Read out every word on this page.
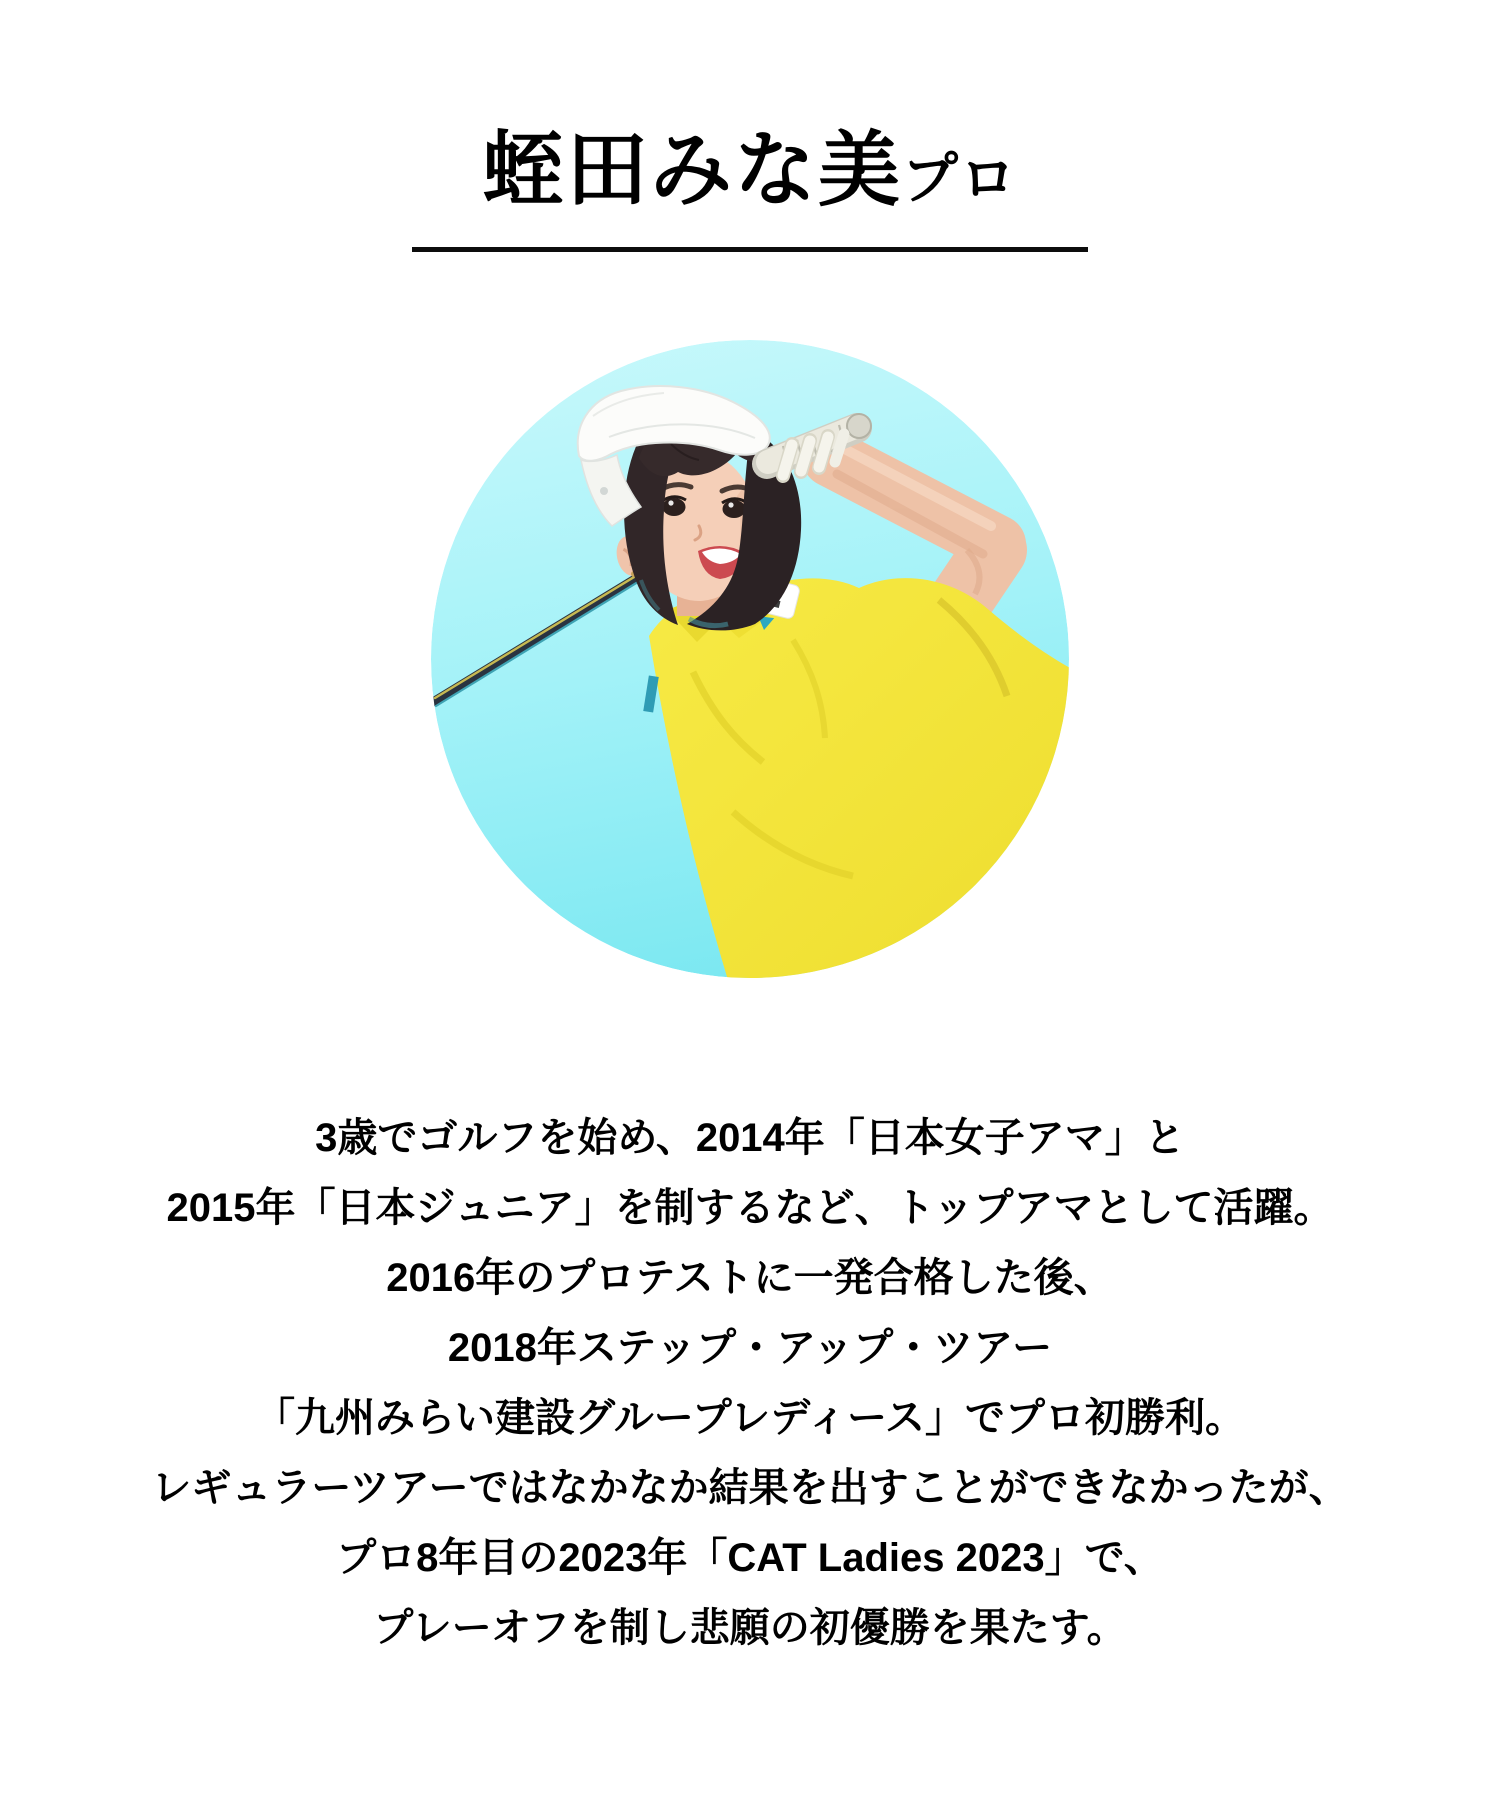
蛭田みな美プロ

3歳でゴルフを始め、2014年「日本女子アマ」と

2015年「日本ジュニア」を制するなど、トップアマとして活躍。

2016年のプロテストに一発合格した後、

2018年ステップ・アップ・ツアー

「九州みらい建設グループレディース」でプロ初勝利。

レギュラーツアーではなかなか結果を出すことができなかったが、

プロ8年目の2023年「CAT Ladies 2023」で、

プレーオフを制し悲願の初優勝を果たす。
